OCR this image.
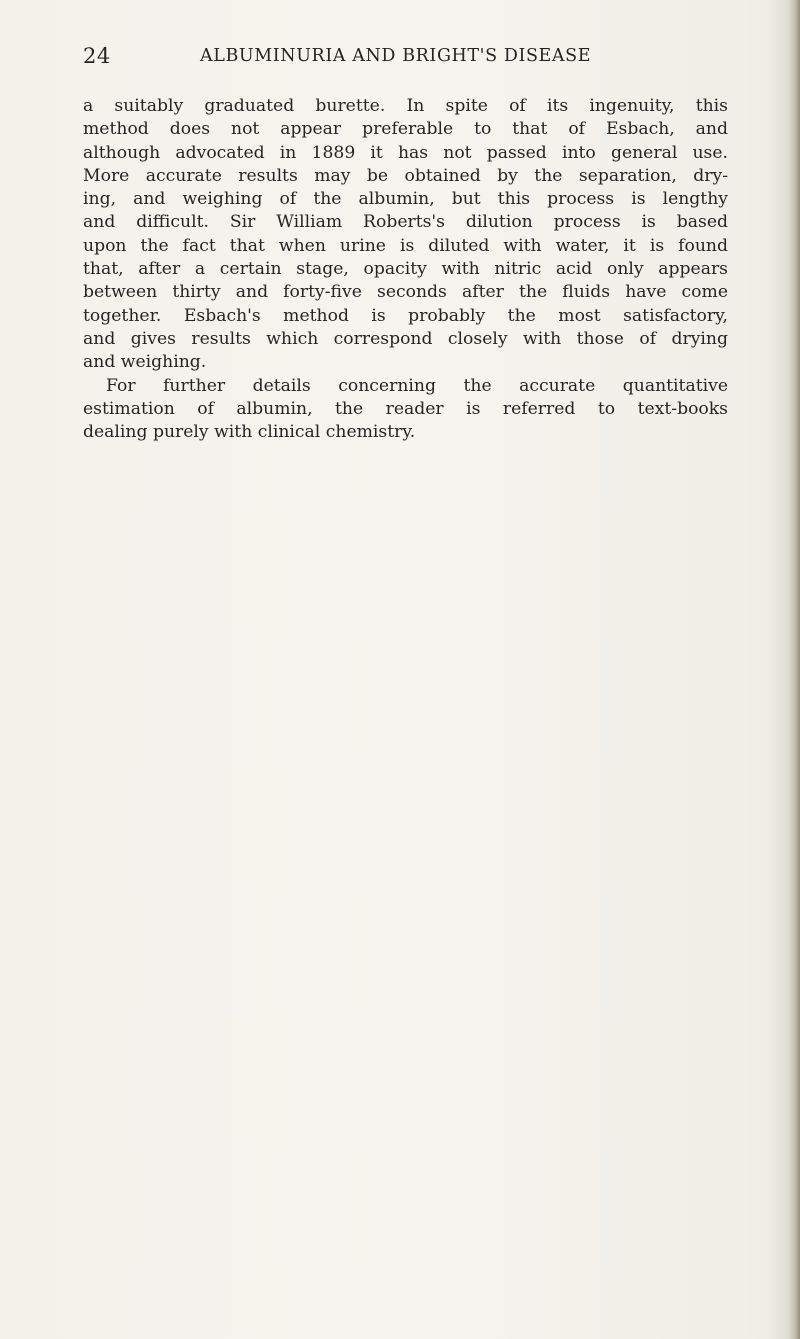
24	ALBUMINURIA AND BRIGHT'S DISEASE
a suitably graduated burette. In spite of its ingenuity, this
method does not appear preferable to that of Esbach, and
although advocated in 1889 it has not passed into general use.
More accurate results may be obtained by the separation, dry-
ing, and weighing of the albumin, but this process is lengthy
and difficult. Sir William Roberts's dilution process is based
upon the fact that when urine is diluted with water, it is found
that, after a certain stage, opacity with nitric acid only appears
between thirty and forty-five seconds after the fluids have come
together. Esbach's method is probably the most satisfactory,
and gives results which correspond closely with those of drying
and weighing.
For further details concerning the accurate quantitative
estimation of albumin, the reader is referred to text-books
dealing purely with clinical chemistry.
